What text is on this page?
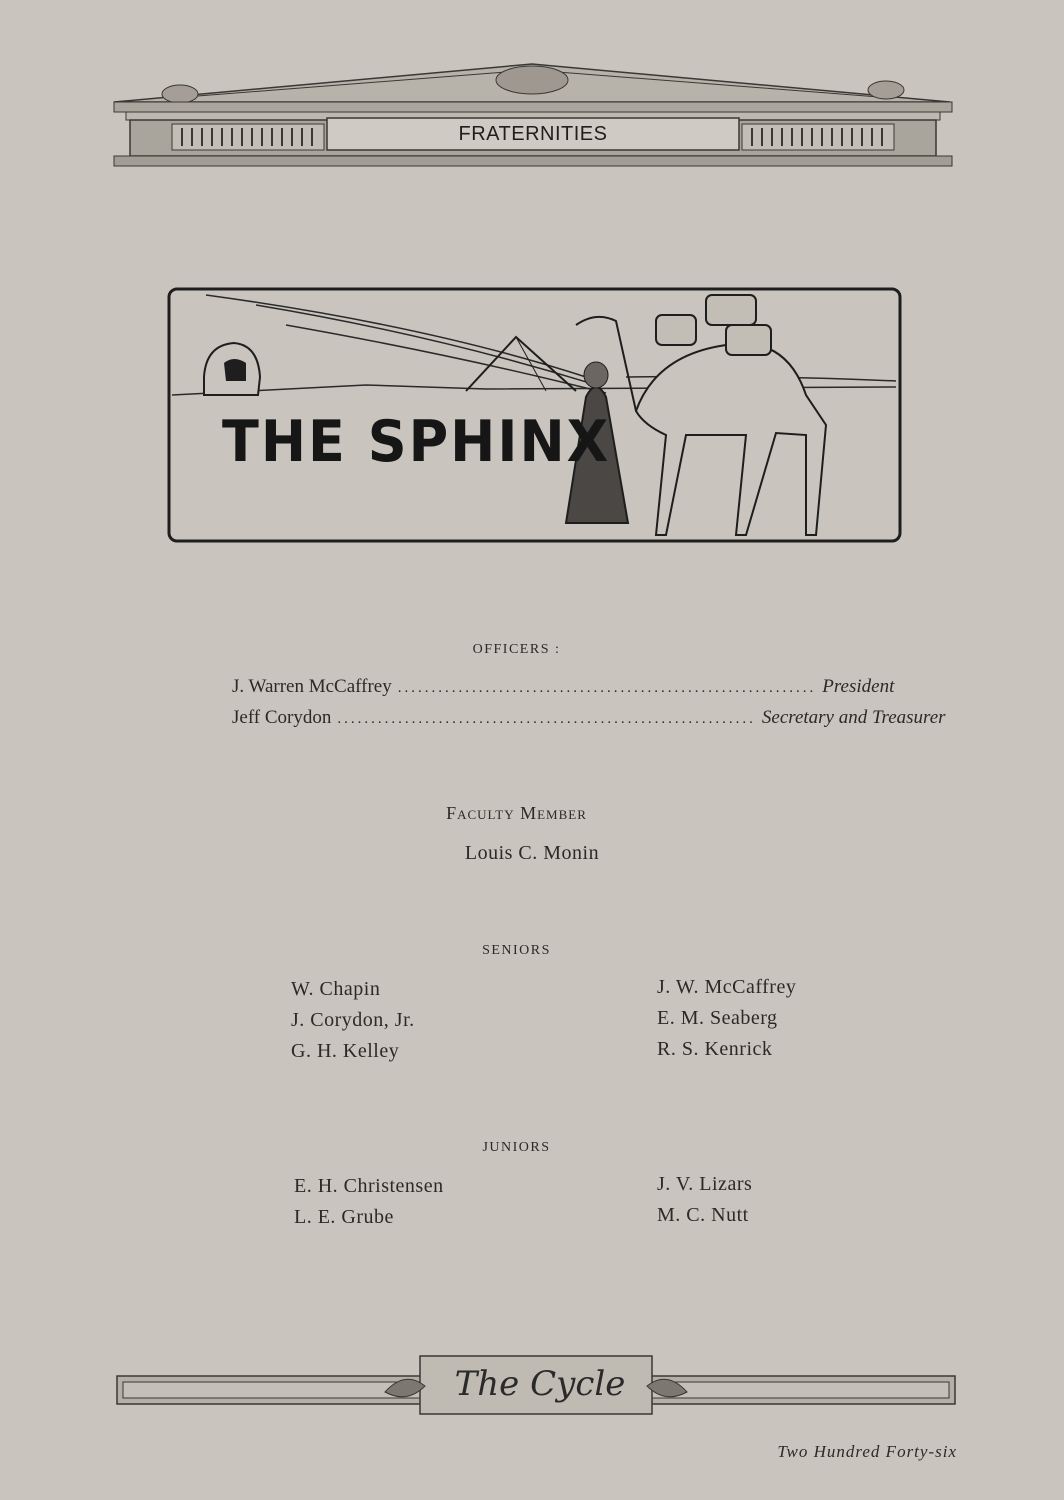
FRATERNITIES
THE SPHINX
OFFICERS :
J. Warren McCaffrey .............................................................. President
Jeff Corydon .............................................................. Secretary and Treasurer
Faculty Member
Louis C. Monin
SENIORS
W. Chapin
J. Corydon, Jr.
G. H. Kelley
J. W. McCaffrey
E. M. Seaberg
R. S. Kenrick
JUNIORS
E. H. Christensen
L. E. Grube
J. V. Lizars
M. C. Nutt
The Cycle
Two Hundred Forty-six
